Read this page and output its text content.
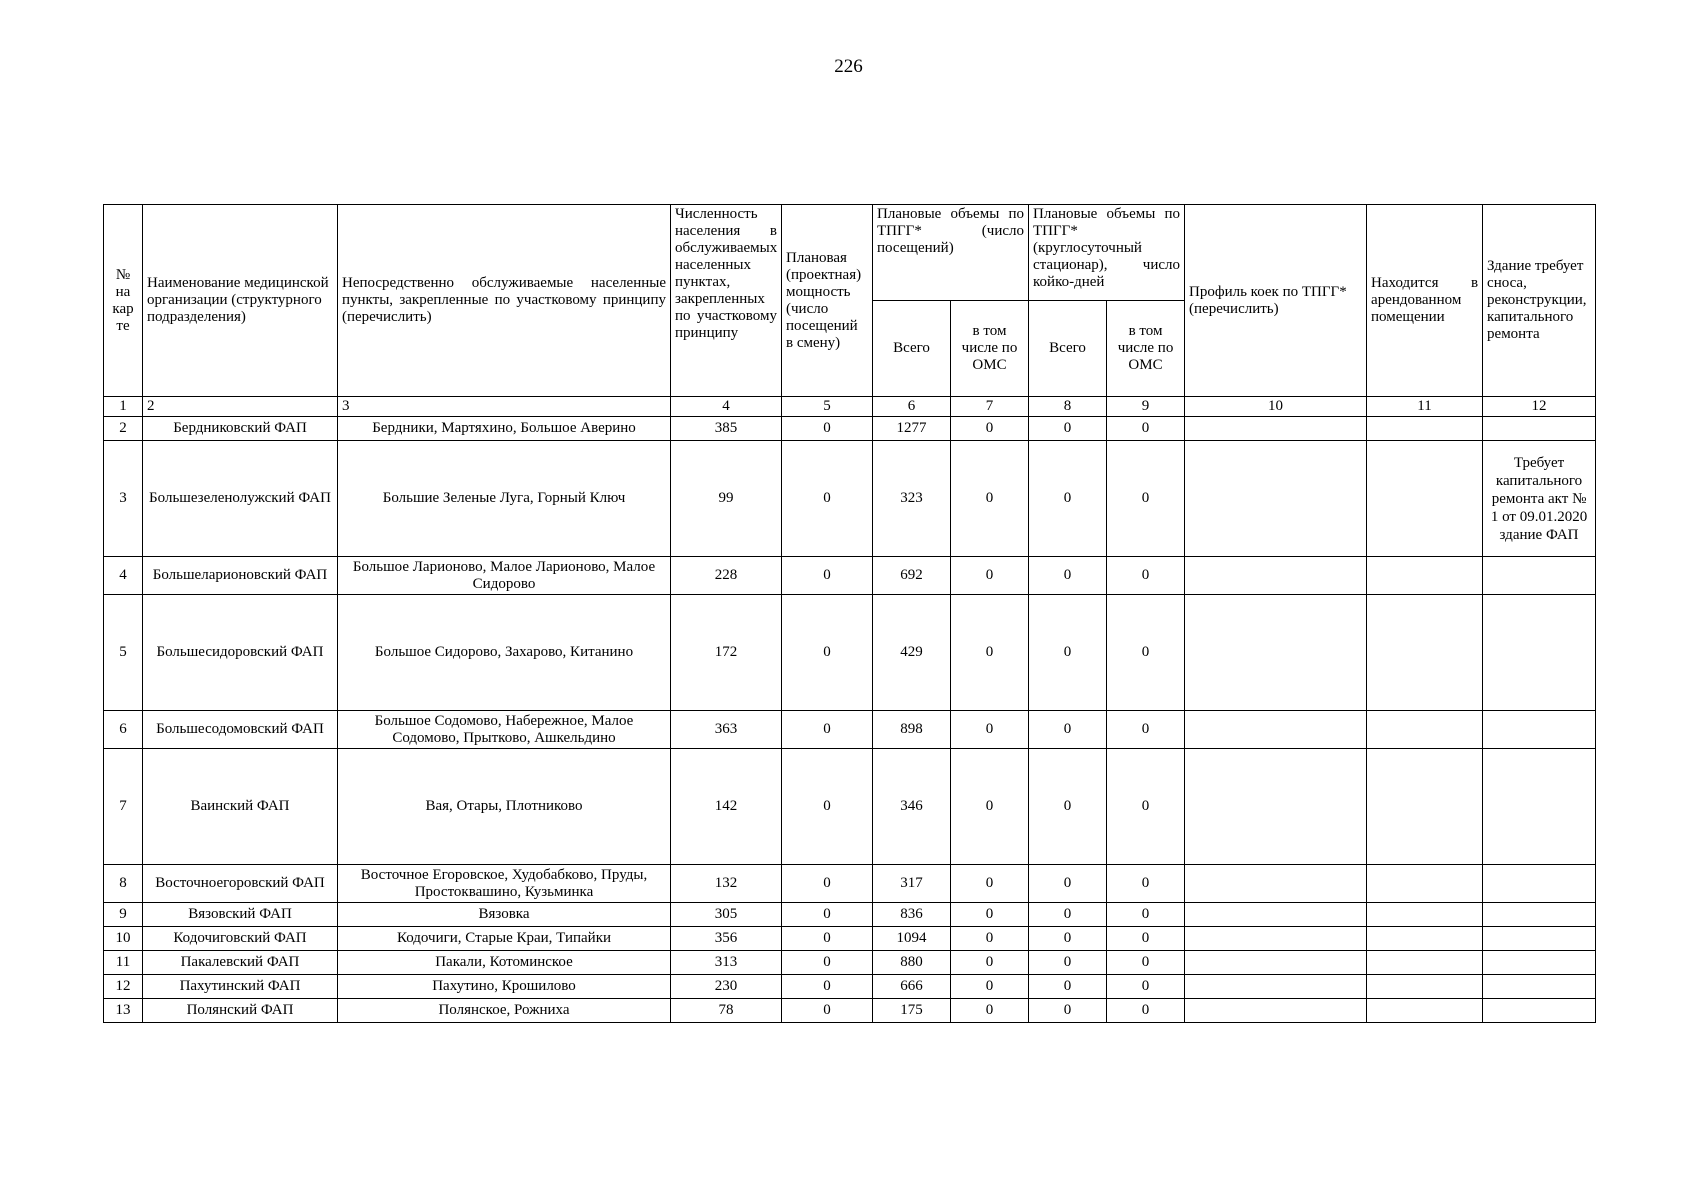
226
№ на кар те	Наименование медицинской организации (структурного подразделения)	Непосредственно обслуживаемые населенные пункты, закрепленные по участковому принципу (перечислить)	Численность населения в обслуживаемых населенных пунктах, закрепленных по участковому принципу	Плановая (проектная) мощность (число посещений в смену)	Плановые объемы по ТПГГ* (число посещений)		Плановые объемы по ТПГГ* (круглосуточный стационар), число койко-дней		Профиль коек по ТПГГ* (перечислить)	Находится в арендованном помещении	Здание требует сноса, реконструкции, капитального ремонта
					Всего	в том числе по ОМС	Всего	в том числе по ОМС			
1	2	3	4	5	6	7	8	9	10	11	12
2	Бердниковский ФАП	Бердники, Мартяхино, Большое Аверино	385	0	1277	0	0	0			
3	Большезеленолужский ФАП	Большие Зеленые Луга, Горный Ключ	99	0	323	0	0	0			Требует капитального ремонта акт № 1 от 09.01.2020 здание ФАП
4	Большеларионовский ФАП	Большое Ларионово, Малое Ларионово, Малое Сидорово	228	0	692	0	0	0			
5	Большесидоровский ФАП	Большое Сидорово, Захарово, Китанино	172	0	429	0	0	0			
6	Большесодомовский ФАП	Большое Содомово, Набережное, Малое Содомово, Прытково, Ашкельдино	363	0	898	0	0	0			
7	Ваинский ФАП	Вая, Отары, Плотниково	142	0	346	0	0	0			
8	Восточноегоровский ФАП	Восточное Егоровское, Худобабково, Пруды, Простоквашино, Кузьминка	132	0	317	0	0	0			
9	Вязовский ФАП	Вязовка	305	0	836	0	0	0			
10	Кодочиговский ФАП	Кодочиги, Старые Краи, Типайки	356	0	1094	0	0	0			
11	Пакалевский ФАП	Пакали, Котоминское	313	0	880	0	0	0			
12	Пахутинский ФАП	Пахутино, Крошилово	230	0	666	0	0	0			
13	Полянский ФАП	Полянское, Рожниха	78	0	175	0	0	0			
